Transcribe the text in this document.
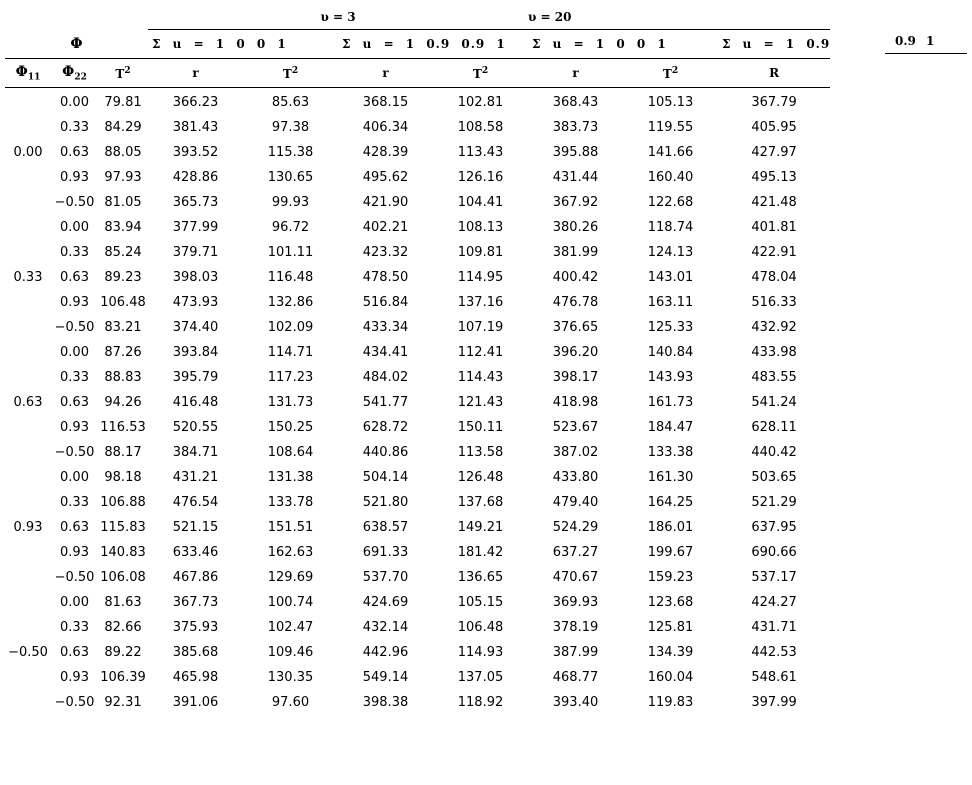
			υ = 3				υ = 20		
Φ			Σ u = 1 0 0 1		Σ u = 1 0.9 0.9 1		Σ u = 1 0 0 1		Σ u = 1 0.9
$\Phi_{11}$	$\Phi_{22}$	$T^2$	r	$T^2$	r	$T^2$	r	$T^2$	R
	0.00	79.81	366.23	85.63	368.15	102.81	368.43	105.13	367.79
	0.33	84.29	381.43	97.38	406.34	108.58	383.73	119.55	405.95
0.00	0.63	88.05	393.52	115.38	428.39	113.43	395.88	141.66	427.97
	0.93	97.93	428.86	130.65	495.62	126.16	431.44	160.40	495.13
	−0.50	81.05	365.73	99.93	421.90	104.41	367.92	122.68	421.48
	0.00	83.94	377.99	96.72	402.21	108.13	380.26	118.74	401.81
	0.33	85.24	379.71	101.11	423.32	109.81	381.99	124.13	422.91
0.33	0.63	89.23	398.03	116.48	478.50	114.95	400.42	143.01	478.04
	0.93	106.48	473.93	132.86	516.84	137.16	476.78	163.11	516.33
	−0.50	83.21	374.40	102.09	433.34	107.19	376.65	125.33	432.92
	0.00	87.26	393.84	114.71	434.41	112.41	396.20	140.84	433.98
	0.33	88.83	395.79	117.23	484.02	114.43	398.17	143.93	483.55
0.63	0.63	94.26	416.48	131.73	541.77	121.43	418.98	161.73	541.24
	0.93	116.53	520.55	150.25	628.72	150.11	523.67	184.47	628.11
	−0.50	88.17	384.71	108.64	440.86	113.58	387.02	133.38	440.42
	0.00	98.18	431.21	131.38	504.14	126.48	433.80	161.30	503.65
	0.33	106.88	476.54	133.78	521.80	137.68	479.40	164.25	521.29
0.93	0.63	115.83	521.15	151.51	638.57	149.21	524.29	186.01	637.95
	0.93	140.83	633.46	162.63	691.33	181.42	637.27	199.67	690.66
	−0.50	106.08	467.86	129.69	537.70	136.65	470.67	159.23	537.17
	0.00	81.63	367.73	100.74	424.69	105.15	369.93	123.68	424.27
	0.33	82.66	375.93	102.47	432.14	106.48	378.19	125.81	431.71
−0.50	0.63	89.22	385.68	109.46	442.96	114.93	387.99	134.39	442.53
	0.93	106.39	465.98	130.35	549.14	137.05	468.77	160.04	548.61
	−0.50	92.31	391.06	97.60	398.38	118.92	393.40	119.83	397.99
0.9 1
